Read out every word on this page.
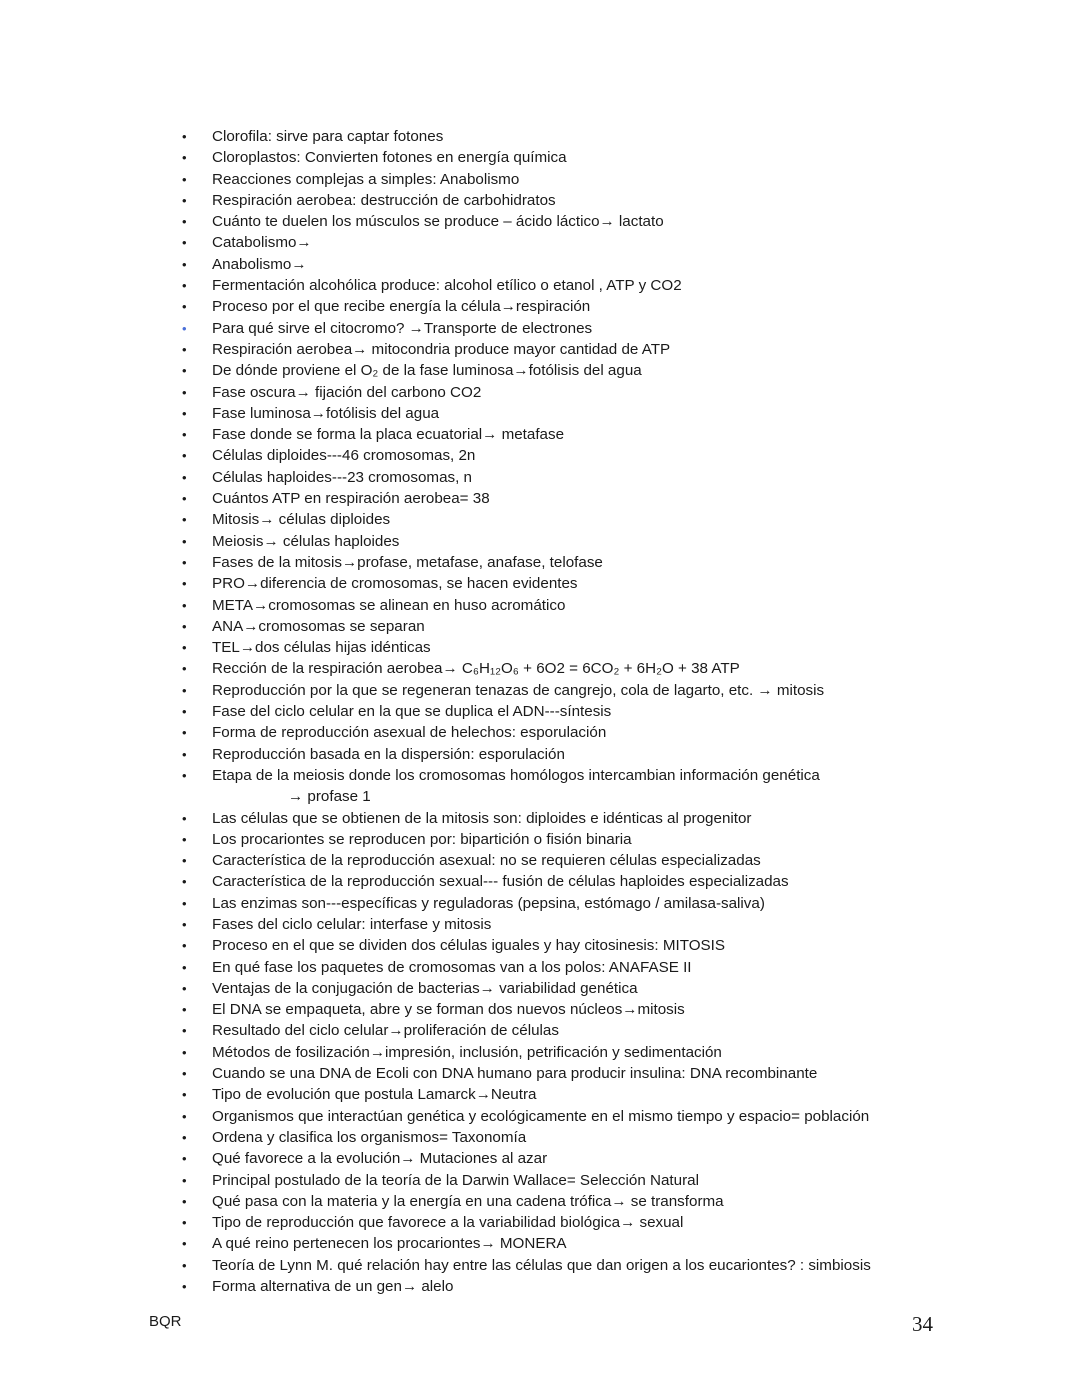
•	Clorofila: sirve para captar fotones
•	Cloroplastos: Convierten fotones en energía química
•	Reacciones complejas a simples: Anabolismo
•	Respiración aerobea: destrucción de carbohidratos
•	Cuánto te duelen los músculos se produce – ácido láctico→ lactato
•	Catabolismo→
•	Anabolismo→
•	Fermentación alcohólica produce: alcohol etílico o etanol , ATP y CO2
•	Proceso por el que recibe energía la célula→respiración
•	Para qué sirve el citocromo? →Transporte de electrones
•	Respiración aerobea→ mitocondria produce mayor cantidad de ATP
•	De dónde proviene el O₂ de la fase luminosa→fotólisis del agua
•	Fase oscura→ fijación del carbono CO2
•	Fase luminosa→fotólisis del agua
•	Fase donde se forma la placa ecuatorial→ metafase
•	Células diploides---46 cromosomas, 2n
•	Células haploides---23 cromosomas, n
•	Cuántos ATP en respiración aerobea= 38
•	Mitosis→ células diploides
•	Meiosis→ células haploides
•	Fases de la mitosis→profase, metafase, anafase, telofase
•	PRO→diferencia de cromosomas, se hacen evidentes
•	META→cromosomas se alinean en huso acromático
•	ANA→cromosomas se separan
•	TEL→dos células hijas idénticas
•	Rección de la respiración aerobea→ C₆H₁₂O₆ + 6O2 = 6CO₂ + 6H₂O + 38 ATP
•	Reproducción por la que se regeneran tenazas de cangrejo, cola de lagarto, etc. → mitosis
•	Fase del ciclo celular en la que se duplica el ADN---síntesis
•	Forma de reproducción asexual de helechos: esporulación
•	Reproducción basada en la dispersión: esporulación
•	Etapa de la meiosis donde los cromosomas homólogos intercambian información genética
→ profase 1
•	Las células que se obtienen de la mitosis son: diploides e idénticas al progenitor
•	Los procariontes se reproducen por: bipartición o fisión binaria
•	Característica de la reproducción asexual: no se requieren células especializadas
•	Característica de la reproducción sexual--- fusión de células haploides especializadas
•	Las enzimas son---específicas y reguladoras (pepsina, estómago / amilasa-saliva)
•	Fases del ciclo celular: interfase y mitosis
•	Proceso en el que se dividen dos células iguales y hay citosinesis: MITOSIS
•	En qué fase los paquetes de cromosomas van a los polos: ANAFASE II
•	Ventajas de la conjugación de bacterias→ variabilidad genética
•	El DNA se empaqueta, abre y se forman dos nuevos núcleos→mitosis
•	Resultado del ciclo celular→proliferación de células
•	Métodos de fosilización→impresión, inclusión, petrificación y sedimentación
•	Cuando se una DNA de Ecoli con DNA humano para producir insulina: DNA recombinante
•	Tipo de evolución que postula Lamarck→Neutra
•	Organismos que interactúan genética y ecológicamente en el mismo tiempo y espacio= población
•	Ordena y clasifica los organismos= Taxonomía
•	Qué favorece a la evolución→ Mutaciones al azar
•	Principal postulado de la teoría de la Darwin Wallace= Selección Natural
•	Qué pasa con la materia y la energía en una cadena trófica→ se transforma
•	Tipo de reproducción que favorece a la variabilidad biológica→ sexual
•	A qué reino pertenecen los procariontes→ MONERA
•	Teoría de Lynn M. qué relación hay entre las células que dan origen a los eucariontes? : simbiosis
•	Forma alternativa de un gen→ alelo
BQR	34
